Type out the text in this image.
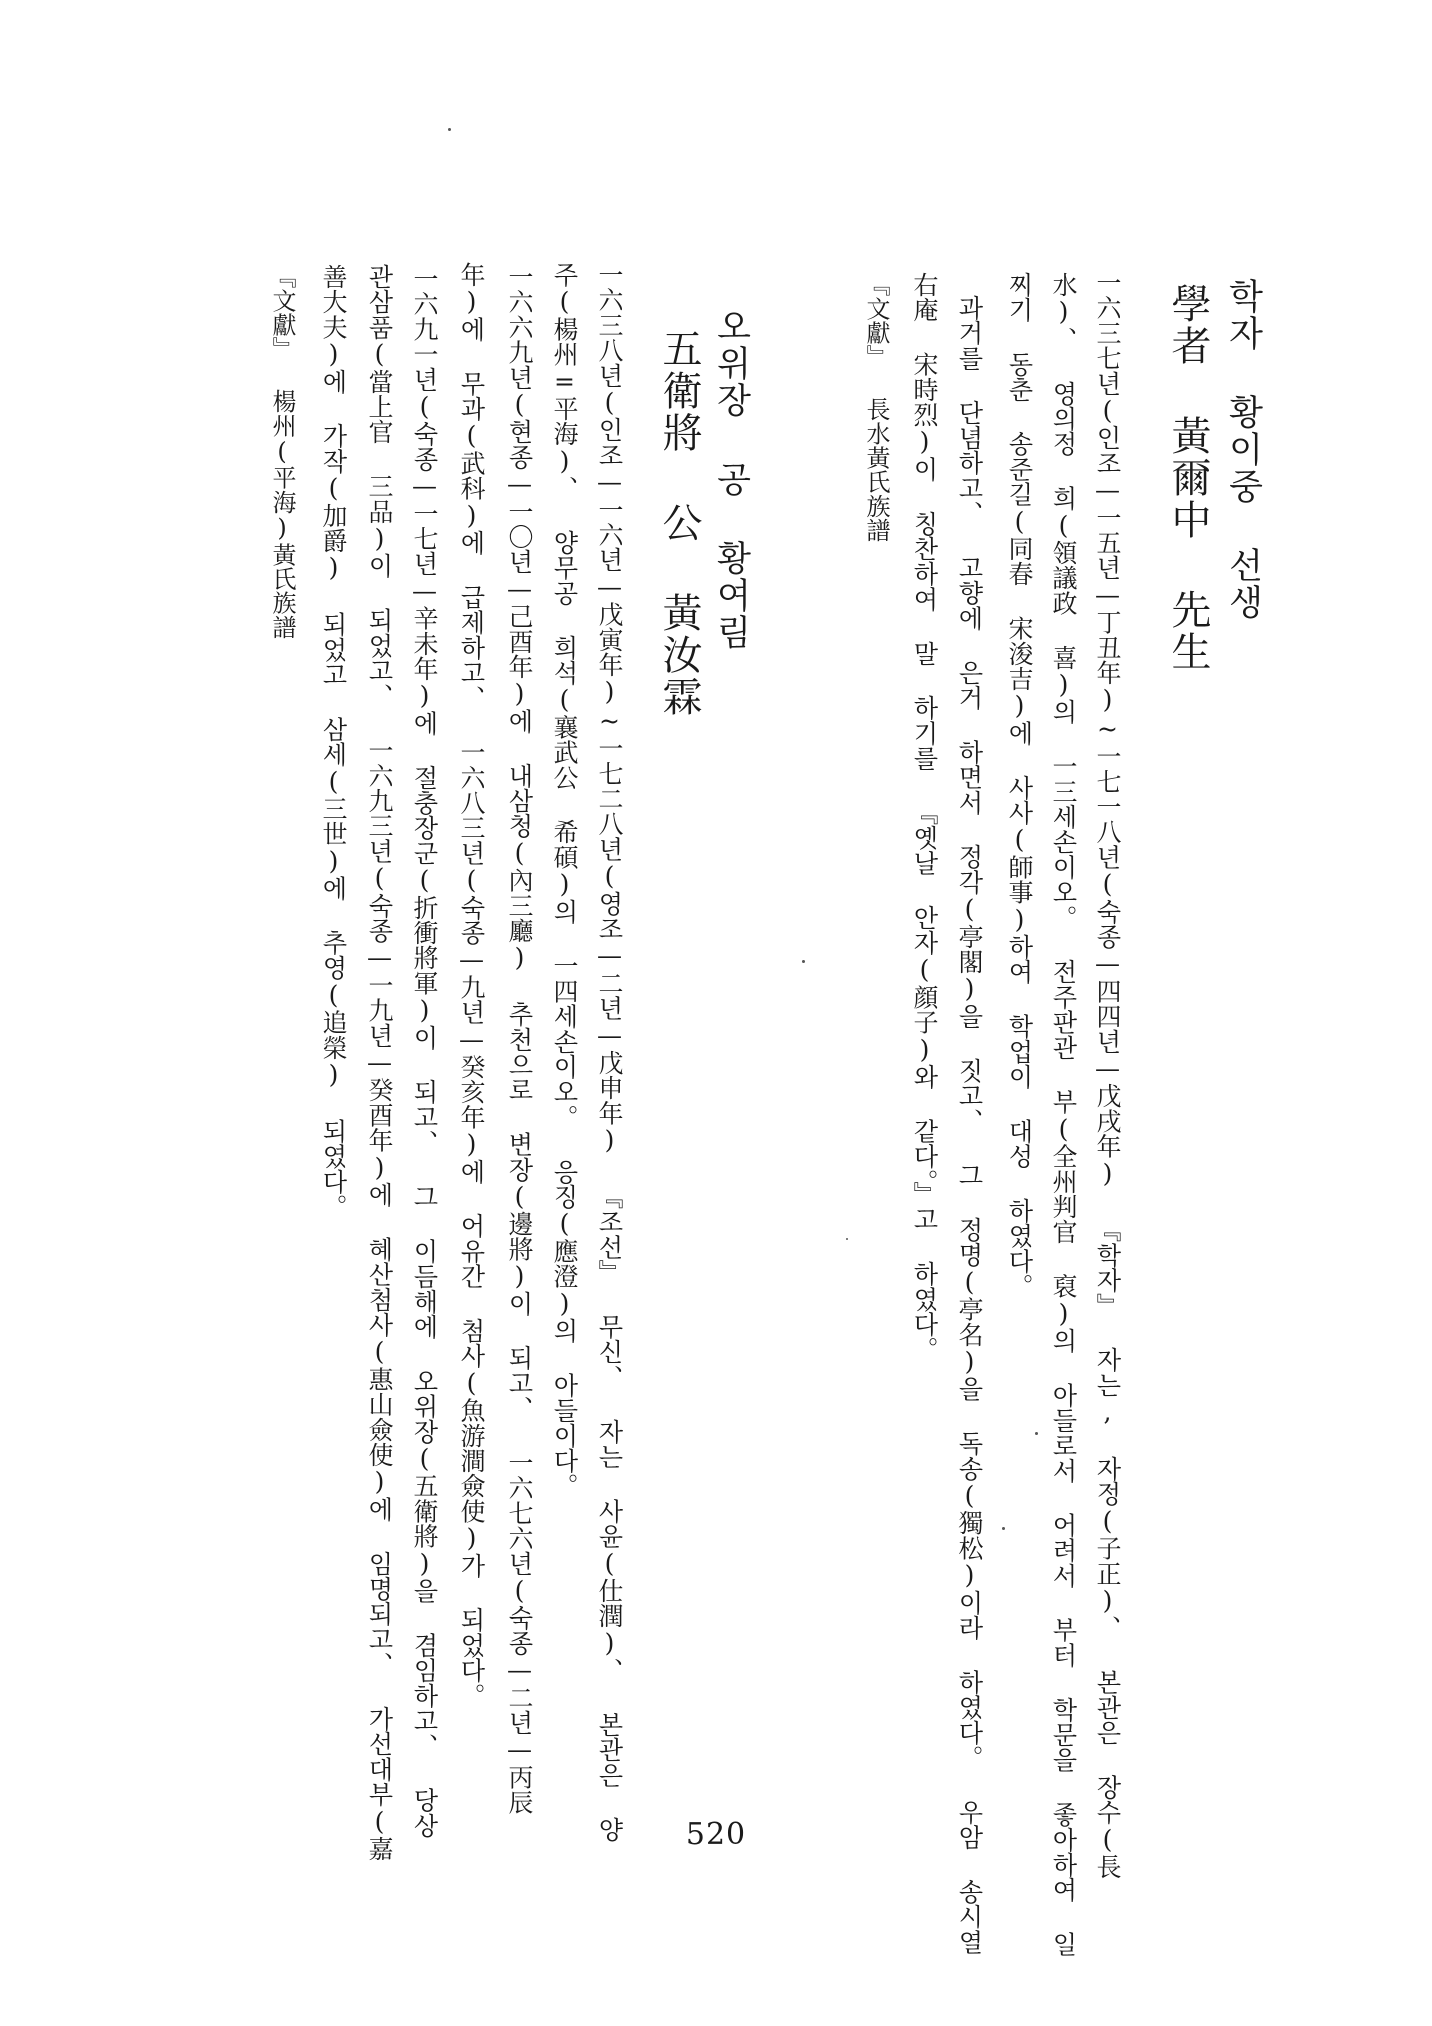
학자 황이중 선생
學者 黃爾中 先生
一六三七년(인조—一五년—丁丑年)~一七一八년(숙종—四四년—戊戌年) 『학자』 자는, 자정(子正)、 본관은 장수(長
水)、 영의정 희(領議政 喜)의 一三세손이오。 전주판관 부(全州判官 裒)의 아들로서 어려서 부터 학문을 좋아하여 일
찌기 동춘 송준길(同春 宋浚吉)에 사사(師事)하여 학업이 대성 하였다。
과거를 단념하고、 고향에 은거 하면서 정각(亭閣)을 짓고、 그 정명(亭名)을 독송(獨松)이라 하였다。 우암 송시열
右庵 宋時烈)이 칭찬하여 말 하기를 『옛날 안자(顔子)와 같다。』고 하였다。
『文獻』 長水黃氏族譜
오위장 공 황여림
五衛將 公 黃汝霖
一六三八년(인조—一六년—戊寅年)~一七二八년(영조—二년—戊申年) 『조선』 무신、 자는 사윤(仕潤)、 본관은 양
주(楊州=平海)、 양무공 희석(襄武公 希碩)의 一四세손이오。 응징(應澄)의 아들이다。
一六六九년(현종—一〇년—己酉年)에 내삼청(內三廳) 추천으로 변장(邊將)이 되고、 一六七六년(숙종—二년—丙辰
年)에 무과(武科)에 급제하고、 一六八三년(숙종—九년—癸亥年)에 어유간 첨사(魚游澗僉使)가 되었다。
一六九一년(숙종—一七년—辛未年)에 절충장군(折衝將軍)이 되고、 그 이듬해에 오위장(五衛將)을 겸임하고、 당상
관삼품(當上官 三品)이 되었고、 一六九三년(숙종—一九년—癸酉年)에 혜산첨사(惠山僉使)에 임명되고、 가선대부(嘉
善大夫)에 가작(加爵) 되었고 삼세(三世)에 추영(追榮) 되였다。
『文獻』 楊州(平海)黃氏族譜
520
